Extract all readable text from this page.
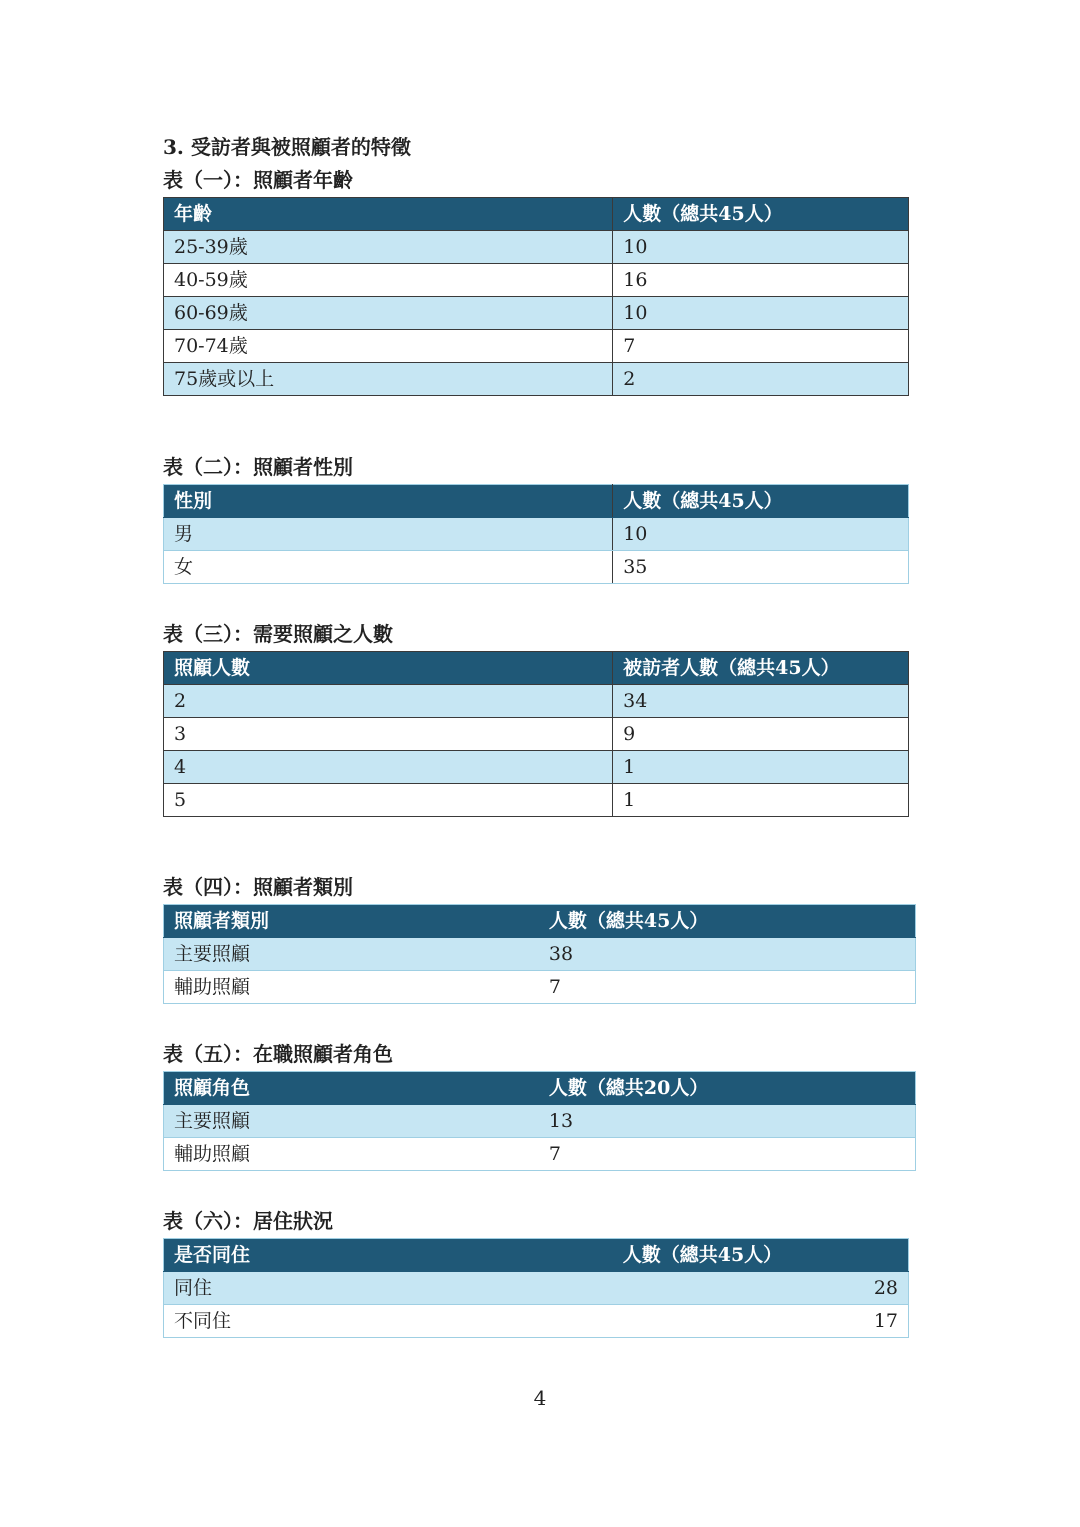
3. 受訪者與被照顧者的特徵
表（一）：照顧者年齡
年齡	人數（總共45人）
25-39歲	10
40-59歲	16
60-69歲	10
70-74歲	7
75歲或以上	2
表（二）：照顧者性別
性別	人數（總共45人）
男	10
女	35
表（三）：需要照顧之人數
照顧人數	被訪者人數（總共45人）
2	34
3	9
4	1
5	1
表（四）：照顧者類別
照顧者類別	人數（總共45人）
主要照顧	38
輔助照顧	7
表（五）：在職照顧者角色
照顧角色	人數（總共20人）
主要照顧	13
輔助照顧	7
表（六）：居住狀況
是否同住	人數（總共45人）
同住	28
不同住	17
4
